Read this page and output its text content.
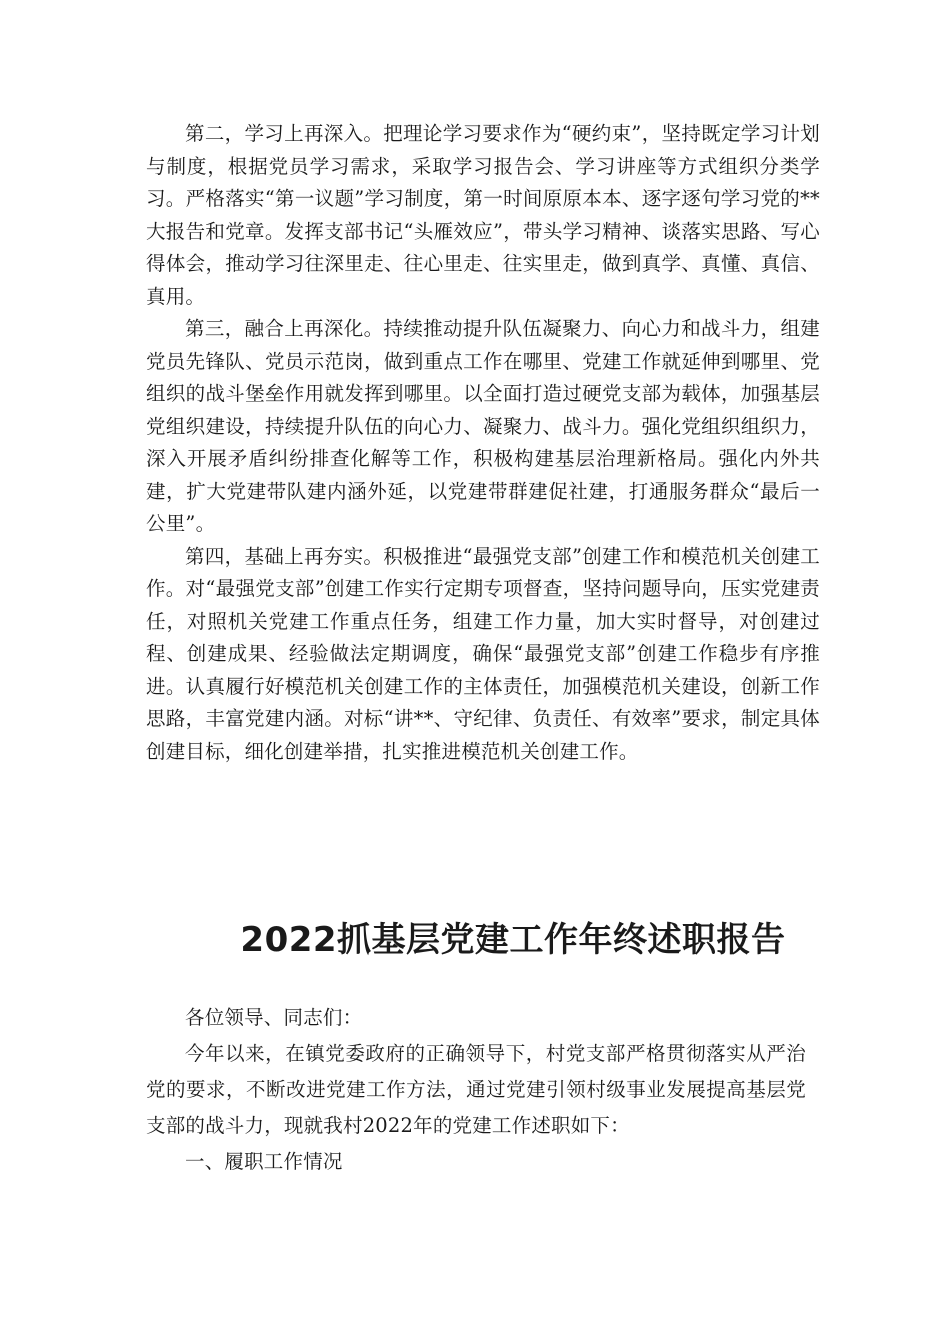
第二，学习上再深入。把理论学习要求作为“硬约束”，坚持既定学习计划与制度，根据党员学习需求，采取学习报告会、学习讲座等方式组织分类学习。严格落实“第一议题”学习制度，第一时间原原本本、逐字逐句学习党的**大报告和党章。发挥支部书记“头雁效应”，带头学习精神、谈落实思路、写心得体会，推动学习往深里走、往心里走、往实里走，做到真学、真懂、真信、真用。

第三，融合上再深化。持续推动提升队伍凝聚力、向心力和战斗力，组建党员先锋队、党员示范岗，做到重点工作在哪里、党建工作就延伸到哪里、党组织的战斗堡垒作用就发挥到哪里。以全面打造过硬党支部为载体，加强基层党组织建设，持续提升队伍的向心力、凝聚力、战斗力。强化党组织组织力，深入开展矛盾纠纷排查化解等工作，积极构建基层治理新格局。强化内外共建，扩大党建带队建内涵外延，以党建带群建促社建，打通服务群众“最后一公里”。

第四，基础上再夯实。积极推进“最强党支部”创建工作和模范机关创建工作。对“最强党支部”创建工作实行定期专项督查，坚持问题导向，压实党建责任，对照机关党建工作重点任务，组建工作力量，加大实时督导，对创建过程、创建成果、经验做法定期调度，确保“最强党支部”创建工作稳步有序推进。认真履行好模范机关创建工作的主体责任，加强模范机关建设，创新工作思路，丰富党建内涵。对标“讲**、守纪律、负责任、有效率”要求，制定具体创建目标，细化创建举措，扎实推进模范机关创建工作。

2022抓基层党建工作年终述职报告

各位领导、同志们：

今年以来，在镇党委政府的正确领导下，村党支部严格贯彻落实从严治党的要求，不断改进党建工作方法，通过党建引领村级事业发展提高基层党支部的战斗力，现就我村2022年的党建工作述职如下：

一、履职工作情况
